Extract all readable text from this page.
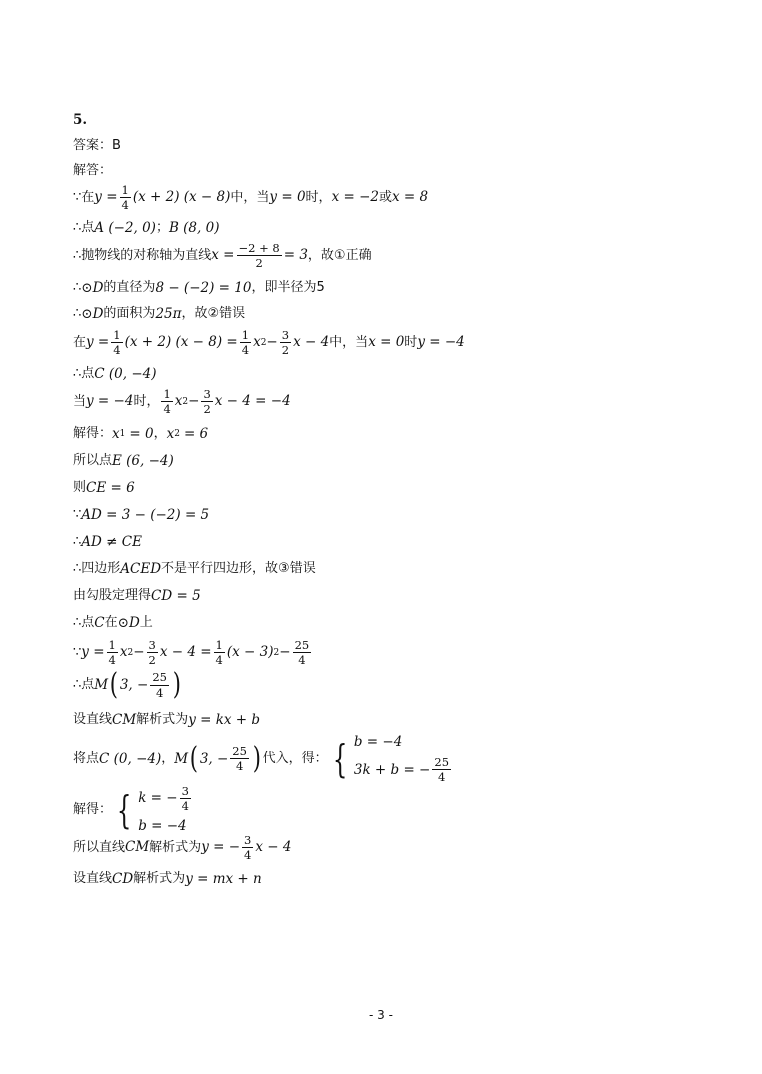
5.
答案：B
解答：
∵在 $y = \frac{1}{4} (x + 2) (x - 8)$ 中，当 y = 0 时， x = −2 或 x = 8
∴点 A (−2, 0) ； B (8, 0)
∴抛物线的对称轴为直线 $x = \frac{-2 + 8}{2} = 3$ ，故①正确
∴ ⊙D 的直径为 8 − (−2) = 10 ，即半径为5
∴ ⊙D 的面积为 25π ，故②错误
在 $y = \frac{1}{4} (x + 2) (x - 8) = \frac{1}{4}$ x $2 - \frac{3}{2}$ x − 4 中，当 x = 0 时 y = −4
∴点 C (0, −4)
当 y = −4 时， $\frac{1}{4}$ x $2 - \frac{3}{2}$ x − 4 = −4
解得： x 1 = 0 ， x 2 = 6
所以点 E (6, −4)
则 CE = 6
∵ AD = 3 − (−2) = 5
∴ AD ≠ CE
∴四边形 ACED 不是平行四边形，故③错误
由勾股定理得 CD = 5
∴点 C 在 ⊙D 上
∵ $y = \frac{1}{4}$ x $2 - \frac{3}{2}$ $x - 4 = \frac{1}{4} (x - 3) 2 - \frac{25}{4}$
∴点 M ( 3, − $\frac{25}{4}$ )
设直线 CM 解析式为 y = kx + b
将点 C (0, −4) ， M ( 3, − $\frac{25}{4}$ ) 代入，得： { b = −4
3k + b = − $\frac{25}{4}$
解得： { k = − $\frac{3}{4}$
b = −4
所以直线 CM 解析式为 y = − $\frac{3}{4}$ x − 4
设直线 CD 解析式为 y = mx + n
- 3 -
